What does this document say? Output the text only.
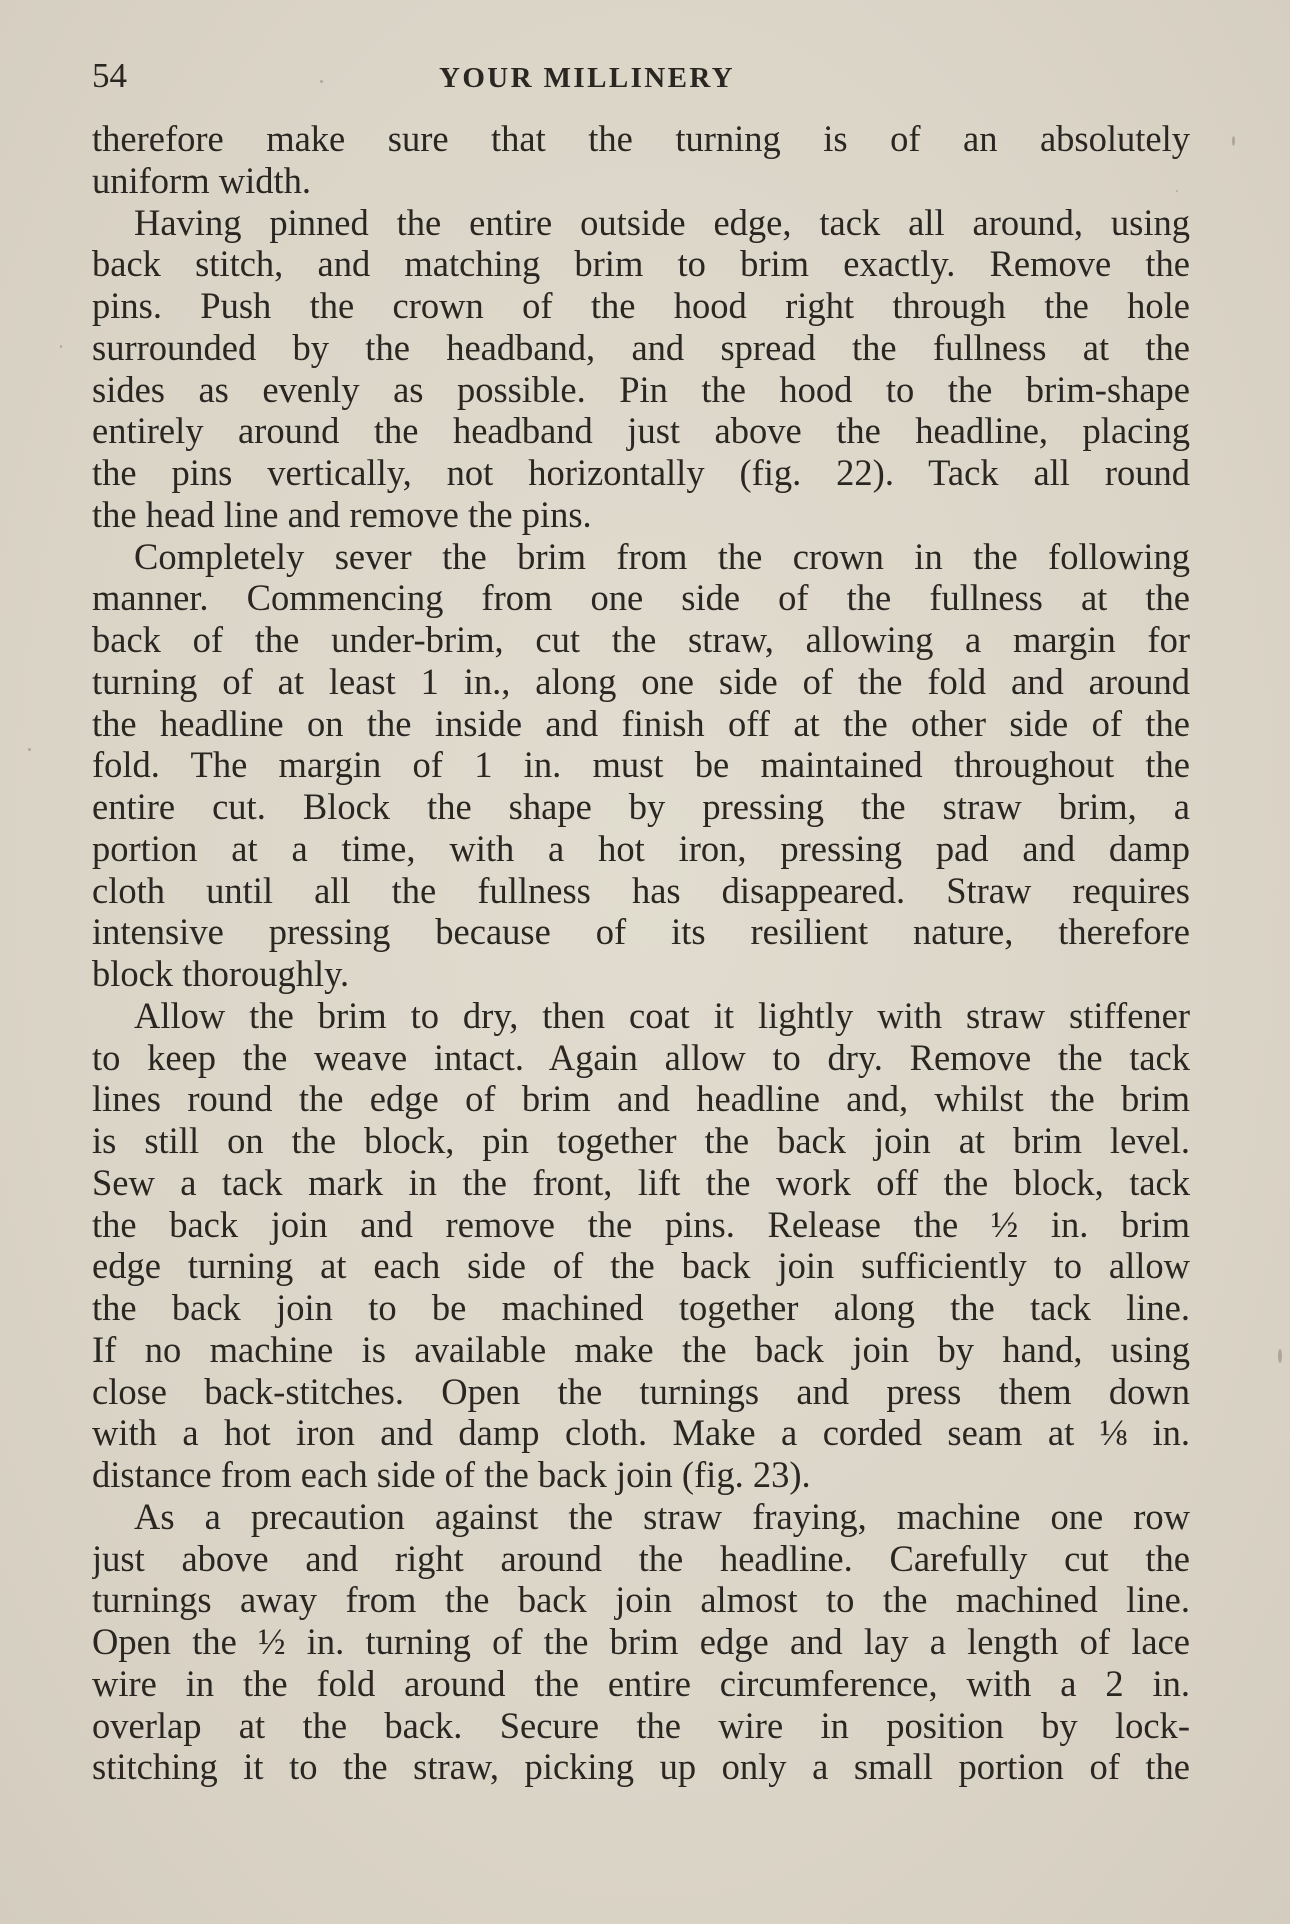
54	YOUR MILLINERY
therefore make sure that the turning is of an absolutely
uniform width.
Having pinned the entire outside edge, tack all around, using
back stitch, and matching brim to brim exactly. Remove the
pins. Push the crown of the hood right through the hole
surrounded by the headband, and spread the fullness at the
sides as evenly as possible. Pin the hood to the brim-shape
entirely around the headband just above the headline, placing
the pins vertically, not horizontally (fig. 22). Tack all round
the head line and remove the pins.
Completely sever the brim from the crown in the following
manner. Commencing from one side of the fullness at the
back of the under-brim, cut the straw, allowing a margin for
turning of at least 1 in., along one side of the fold and around
the headline on the inside and finish off at the other side of the
fold. The margin of 1 in. must be maintained throughout the
entire cut. Block the shape by pressing the straw brim, a
portion at a time, with a hot iron, pressing pad and damp
cloth until all the fullness has disappeared. Straw requires
intensive pressing because of its resilient nature, therefore
block thoroughly.
Allow the brim to dry, then coat it lightly with straw stiffener
to keep the weave intact. Again allow to dry. Remove the tack
lines round the edge of brim and headline and, whilst the brim
is still on the block, pin together the back join at brim level.
Sew a tack mark in the front, lift the work off the block, tack
the back join and remove the pins. Release the ½ in. brim
edge turning at each side of the back join sufficiently to allow
the back join to be machined together along the tack line.
If no machine is available make the back join by hand, using
close back-stitches. Open the turnings and press them down
with a hot iron and damp cloth. Make a corded seam at ⅛ in.
distance from each side of the back join (fig. 23).
As a precaution against the straw fraying, machine one row
just above and right around the headline. Carefully cut the
turnings away from the back join almost to the machined line.
Open the ½ in. turning of the brim edge and lay a length of lace
wire in the fold around the entire circumference, with a 2 in.
overlap at the back. Secure the wire in position by lock-
stitching it to the straw, picking up only a small portion of the
